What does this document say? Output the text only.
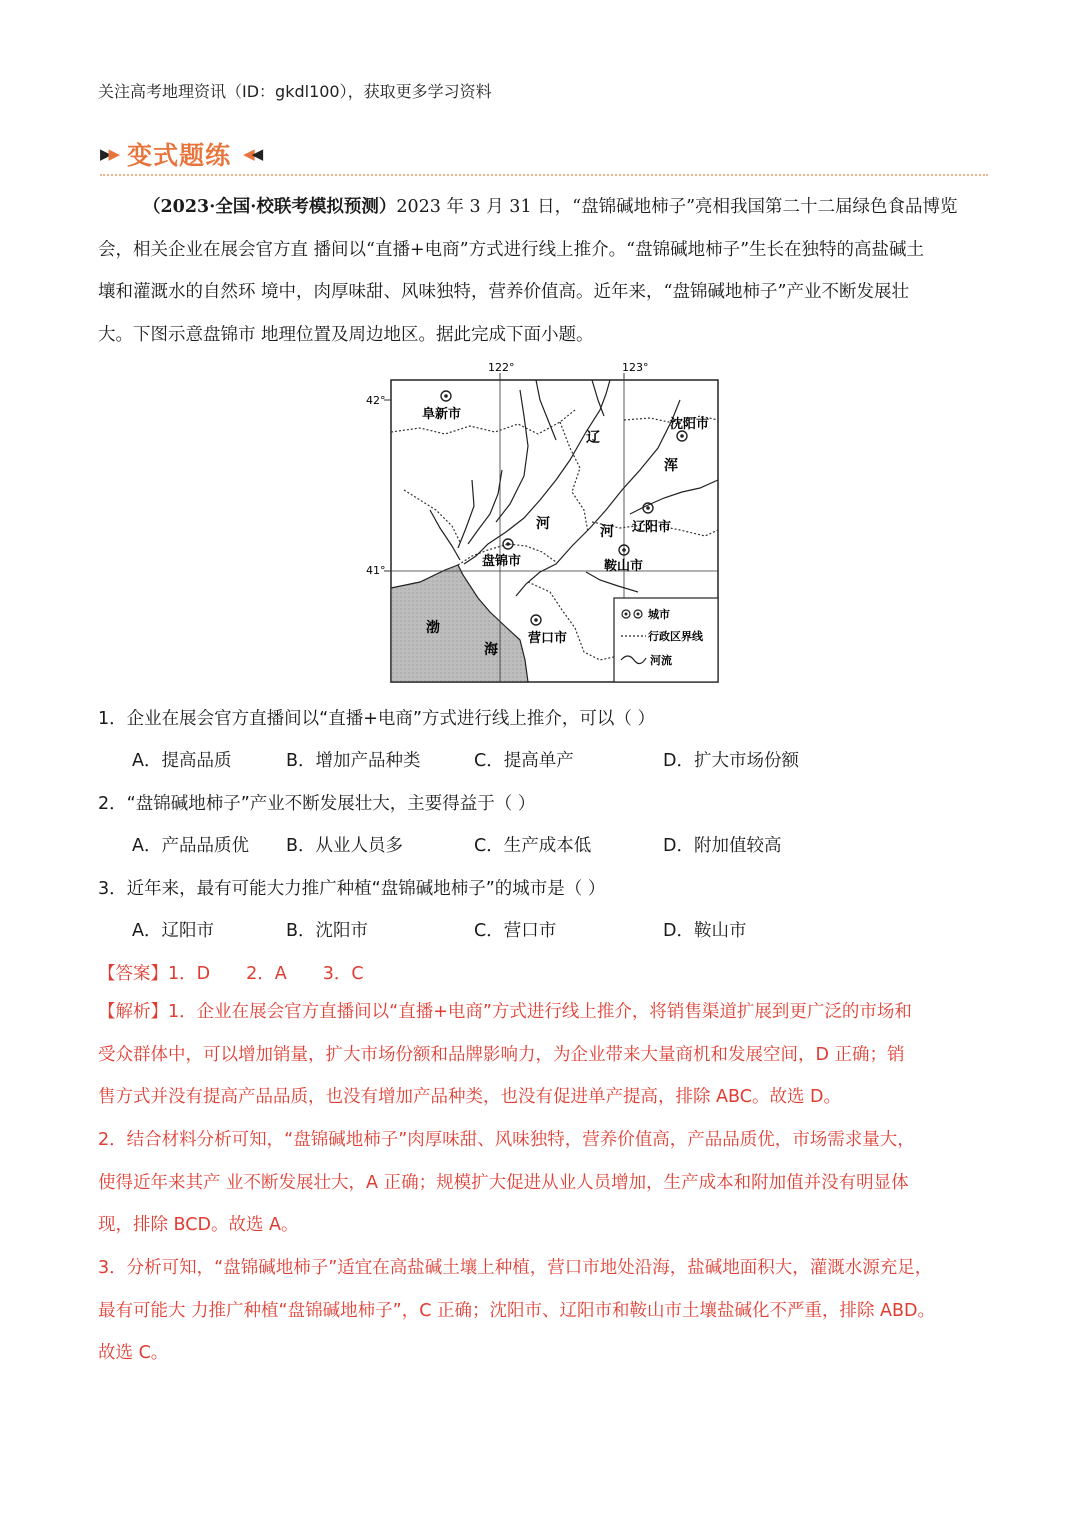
关注高考地理资讯（ID：gkdl100），获取更多学习资料
▶▶ 变式题练 ◀◀
（2023·全国·校联考模拟预测）2023 年 3 月 31 日，“盘锦碱地柿子”亮相我国第二十二届绿色食品博览
会，相关企业在展会官方直 播间以“直播+电商”方式进行线上推介。“盘锦碱地柿子”生长在独特的高盐碱土
壤和灌溉水的自然环 境中，肉厚味甜、风味独特，营养价值高。近年来，“盘锦碱地柿子”产业不断发展壮
大。下图示意盘锦市 地理位置及周边地区。据此完成下面小题。
122°	123°
42°
41°
阜新市
沈阳市
辽阳市
盘锦市	鞍山市
营口市
辽
浑
河	河
渤
海
城市
行政区界线
河流
1．企业在展会官方直播间以“直播+电商”方式进行线上推介，可以（ ）
A．提高品质	B．增加产品种类	C．提高单产	D．扩大市场份额
2．“盘锦碱地柿子”产业不断发展壮大，主要得益于（ ）
A．产品品质优 B．从业人员多	C．生产成本低	D．附加值较高
3．近年来，最有可能大力推广种植“盘锦碱地柿子”的城市是（ ）
A．辽阳市	B．沈阳市	C．营口市	D．鞍山市
【答案】1．D 2．A 3．C
【解析】1．企业在展会官方直播间以“直播+电商”方式进行线上推介，将销售渠道扩展到更广泛的市场和
受众群体中，可以增加销量，扩大市场份额和品牌影响力，为企业带来大量商机和发展空间，D 正确；销
售方式并没有提高产品品质，也没有增加产品种类，也没有促进单产提高，排除 ABC。故选 D。
2．结合材料分析可知，“盘锦碱地柿子”肉厚味甜、风味独特，营养价值高，产品品质优，市场需求量大，
使得近年来其产 业不断发展壮大，A 正确；规模扩大促进从业人员增加，生产成本和附加值并没有明显体
现，排除 BCD。故选 A。
3．分析可知，“盘锦碱地柿子”适宜在高盐碱土壤上种植，营口市地处沿海，盐碱地面积大，灌溉水源充足，
最有可能大 力推广种植“盘锦碱地柿子”，C 正确；沈阳市、辽阳市和鞍山市土壤盐碱化不严重，排除 ABD。
故选 C。
